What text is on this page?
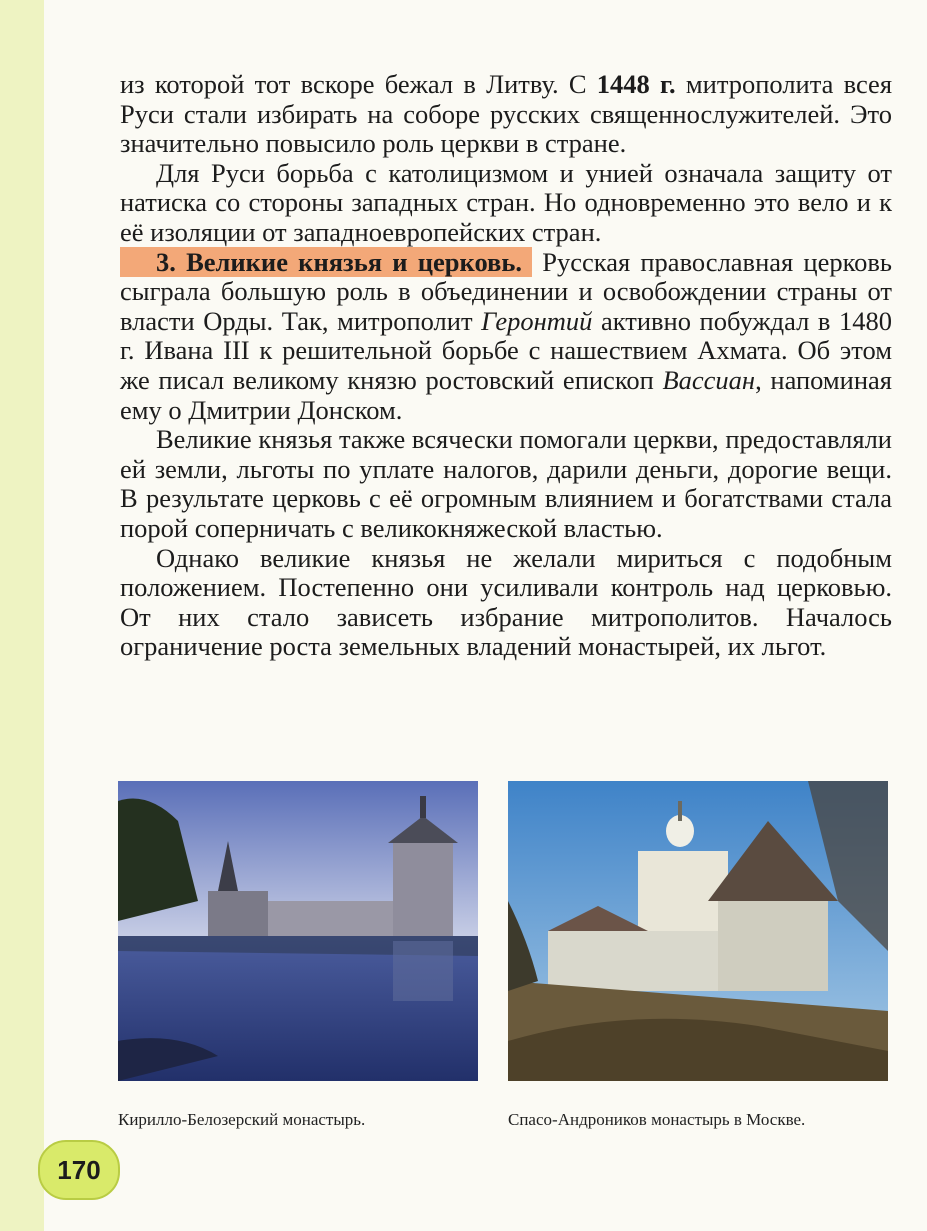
из которой тот вскоре бежал в Литву. С 1448 г. митрополита всея Руси стали избирать на соборе русских священнослужителей. Это значительно повысило роль церкви в стране.

Для Руси борьба с католицизмом и унией означала защиту от натиска со стороны западных стран. Но одновременно это вело и к её изоляции от западноевропейских стран.

3. Великие князья и церковь. Русская православная церковь сыграла большую роль в объединении и освобождении страны от власти Орды. Так, митрополит Геронтий активно побуждал в 1480 г. Ивана III к решительной борьбе с нашествием Ахмата. Об этом же писал великому князю ростовский епископ Вассиан, напоминая ему о Дмитрии Донском.

Великие князья также всячески помогали церкви, предоставляли ей земли, льготы по уплате налогов, дарили деньги, дорогие вещи. В результате церковь с её огромным влиянием и богатствами стала порой соперничать с великокняжеской властью.

Однако великие князья не желали мириться с подобным положением. Постепенно они усиливали контроль над церковью. От них стало зависеть избрание митрополитов. Началось ограничение роста земельных владений монастырей, их льгот.

Кирилло-Белозерский монастырь.	Спасо-Андроников монастырь в Москве.
170
